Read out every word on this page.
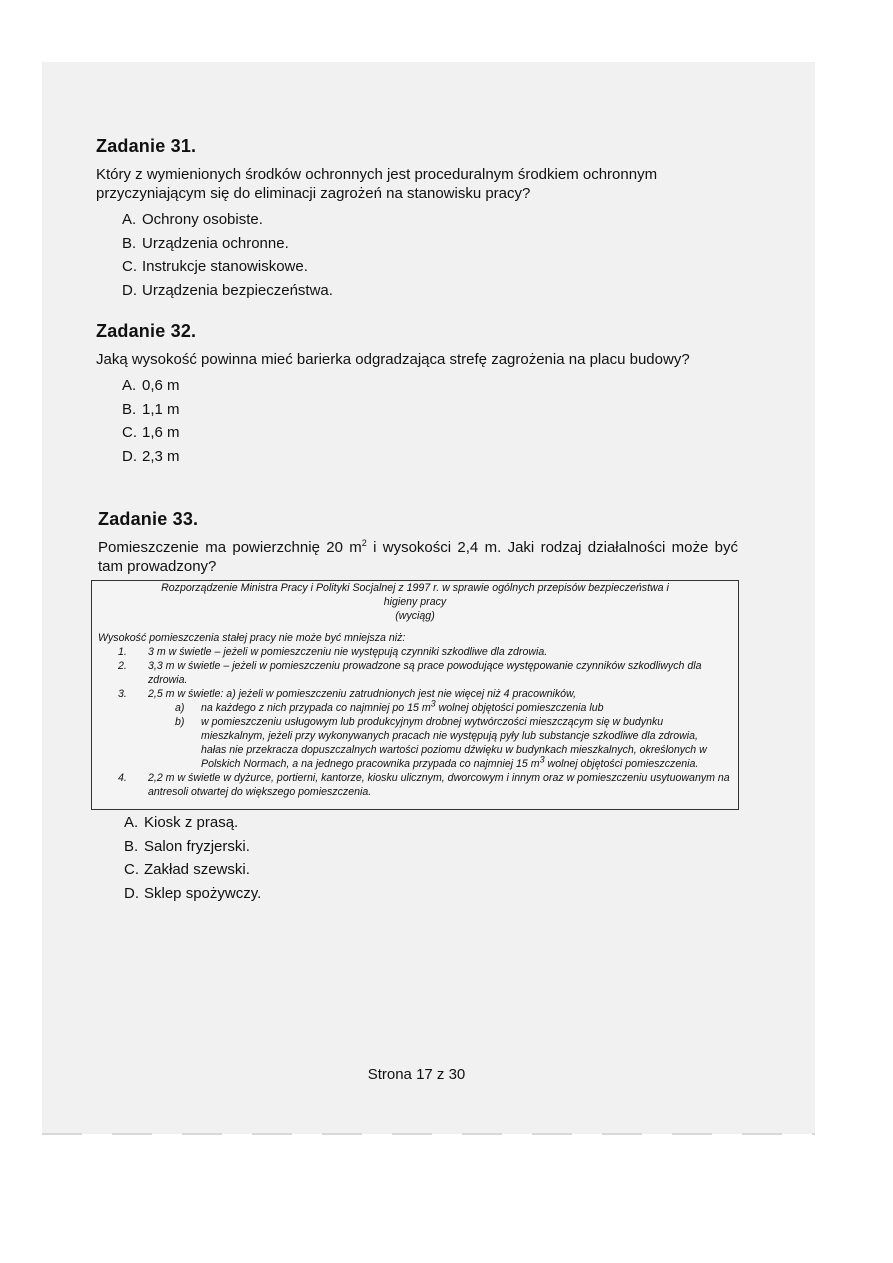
Zadanie 31.

Który z wymienionych środków ochronnych jest proceduralnym środkiem ochronnym przyczyniającym się do eliminacji zagrożeń na stanowisku pracy?

A. Ochrony osobiste.
B. Urządzenia ochronne.
C. Instrukcje stanowiskowe.
D. Urządzenia bezpieczeństwa.
Zadanie 32.

Jaką wysokość powinna mieć barierka odgradzająca strefę zagrożenia na placu budowy?

A. 0,6 m
B. 1,1 m
C. 1,6 m
D. 2,3 m
Zadanie 33.

Pomieszczenie ma powierzchnię 20 $m^2$ i wysokości 2,4 m. Jaki rodzaj działalności może być tam prowadzony?

Rozporządzenie Ministra Pracy i Polityki Socjalnej z 1997 r. w sprawie ogólnych przepisów bezpieczeństwa i

higieny pracy

(wyciąg)

Wysokość pomieszczenia stałej pracy nie może być mniejsza niż:

1.	3 m w świetle – jeżeli w pomieszczeniu nie występują czynniki szkodliwe dla zdrowia.
2.	3,3 m w świetle – jeżeli w pomieszczeniu prowadzone są prace powodujące występowanie czynników szkodliwych dla zdrowia.
3.	2,5 m w świetle: a) jeżeli w pomieszczeniu zatrudnionych jest nie więcej niż 4 pracowników,
a)	na każdego z nich przypada co najmniej po 15 $m^3$ wolnej objętości pomieszczenia lub
b)	w pomieszczeniu usługowym lub produkcyjnym drobnej wytwórczości mieszczącym się w budynku mieszkalnym, jeżeli przy wykonywanych pracach nie występują pyły lub substancje szkodliwe dla zdrowia, hałas nie przekracza dopuszczalnych wartości poziomu dźwięku w budynkach mieszkalnych, określonych w Polskich Normach, a na jednego pracownika przypada co najmniej 15 $m^3$ wolnej objętości pomieszczenia.
4.	2,2 m w świetle w dyżurce, portierni, kantorze, kiosku ulicznym, dworcowym i innym oraz w pomieszczeniu usytuowanym na antresoli otwartej do większego pomieszczenia.
A. Kiosk z prasą.
B. Salon fryzjerski.
C. Zakład szewski.
D. Sklep spożywczy.
Strona 17 z 30
